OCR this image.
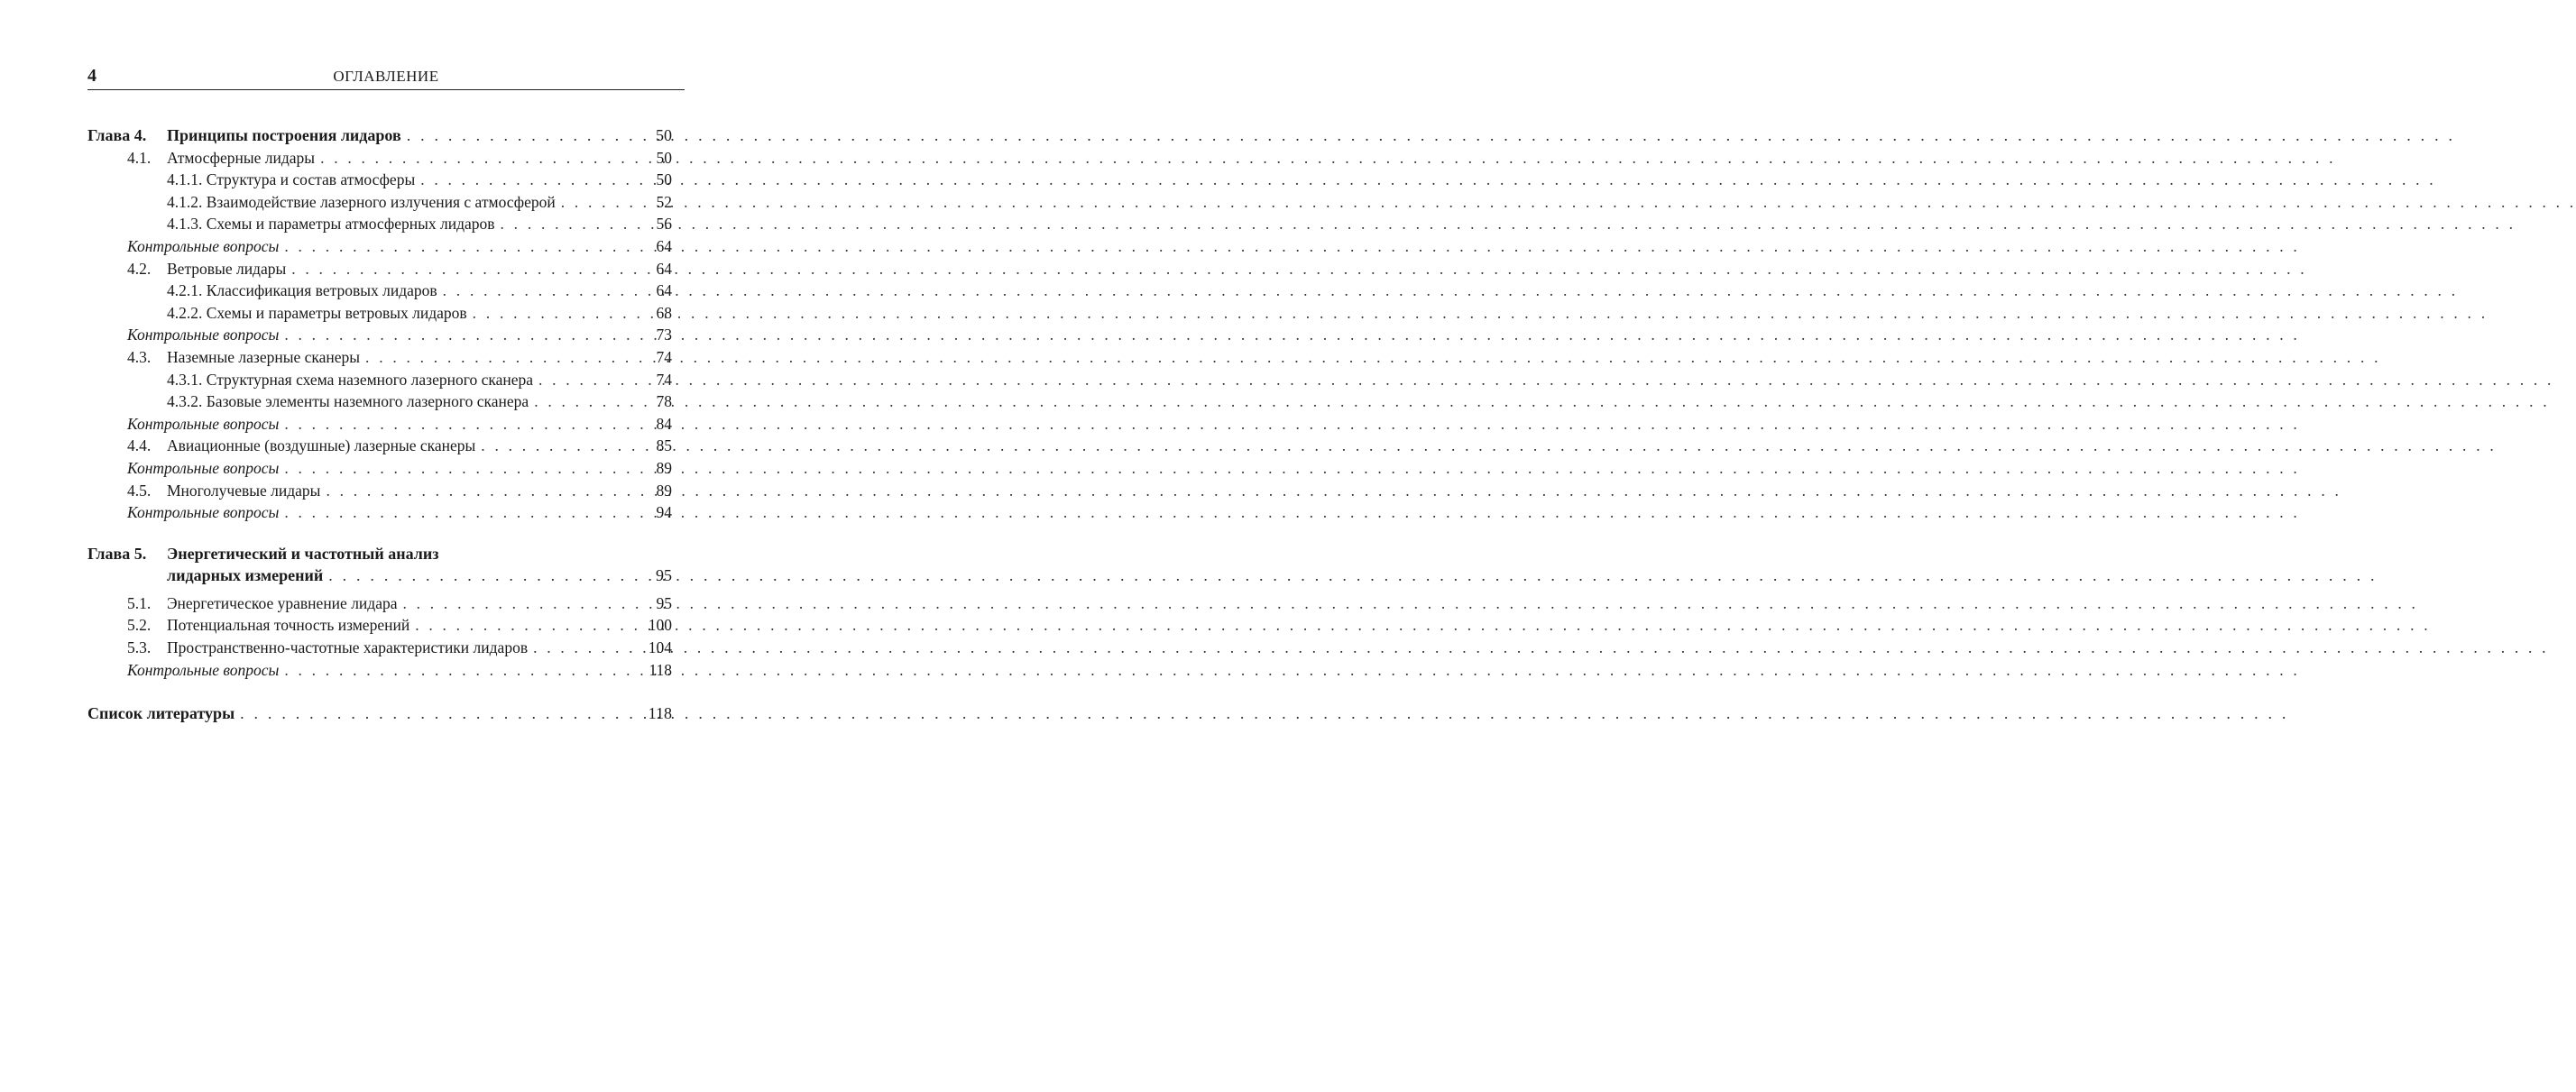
4	ОГЛАВЛЕНИЕ
Глава 4.	Принципы построения лидаров . . .	50
4.1.	Атмосферные лидары . . .	50
4.1.1. Структура и состав атмосферы . . .	50
4.1.2. Взаимодействие лазерного излучения с атмосферой . . .	52
4.1.3. Схемы и параметры атмосферных лидаров . . .	56
Контрольные вопросы . . .	64
4.2.	Ветровые лидары . . .	64
4.2.1. Классификация ветровых лидаров . . .	64
4.2.2. Схемы и параметры ветровых лидаров . . .	68
Контрольные вопросы . . .	73
4.3.	Наземные лазерные сканеры . . .	74
4.3.1. Структурная схема наземного лазерного сканера . . .	74
4.3.2. Базовые элементы наземного лазерного сканера . . .	78
Контрольные вопросы . . .	84
4.4.	Авиационные (воздушные) лазерные сканеры . . .	85
Контрольные вопросы . . .	89
4.5.	Многолучевые лидары . . .	89
Контрольные вопросы . . .	94
Глава 5.	Энергетический и частотный анализ
лидарных измерений . . .	95
5.1.	Энергетическое уравнение лидара . . .	95
5.2.	Потенциальная точность измерений . . .	100
5.3.	Пространственно-частотные характеристики лидаров . . .	104
Контрольные вопросы . . .	118
Список литературы . . .	118
